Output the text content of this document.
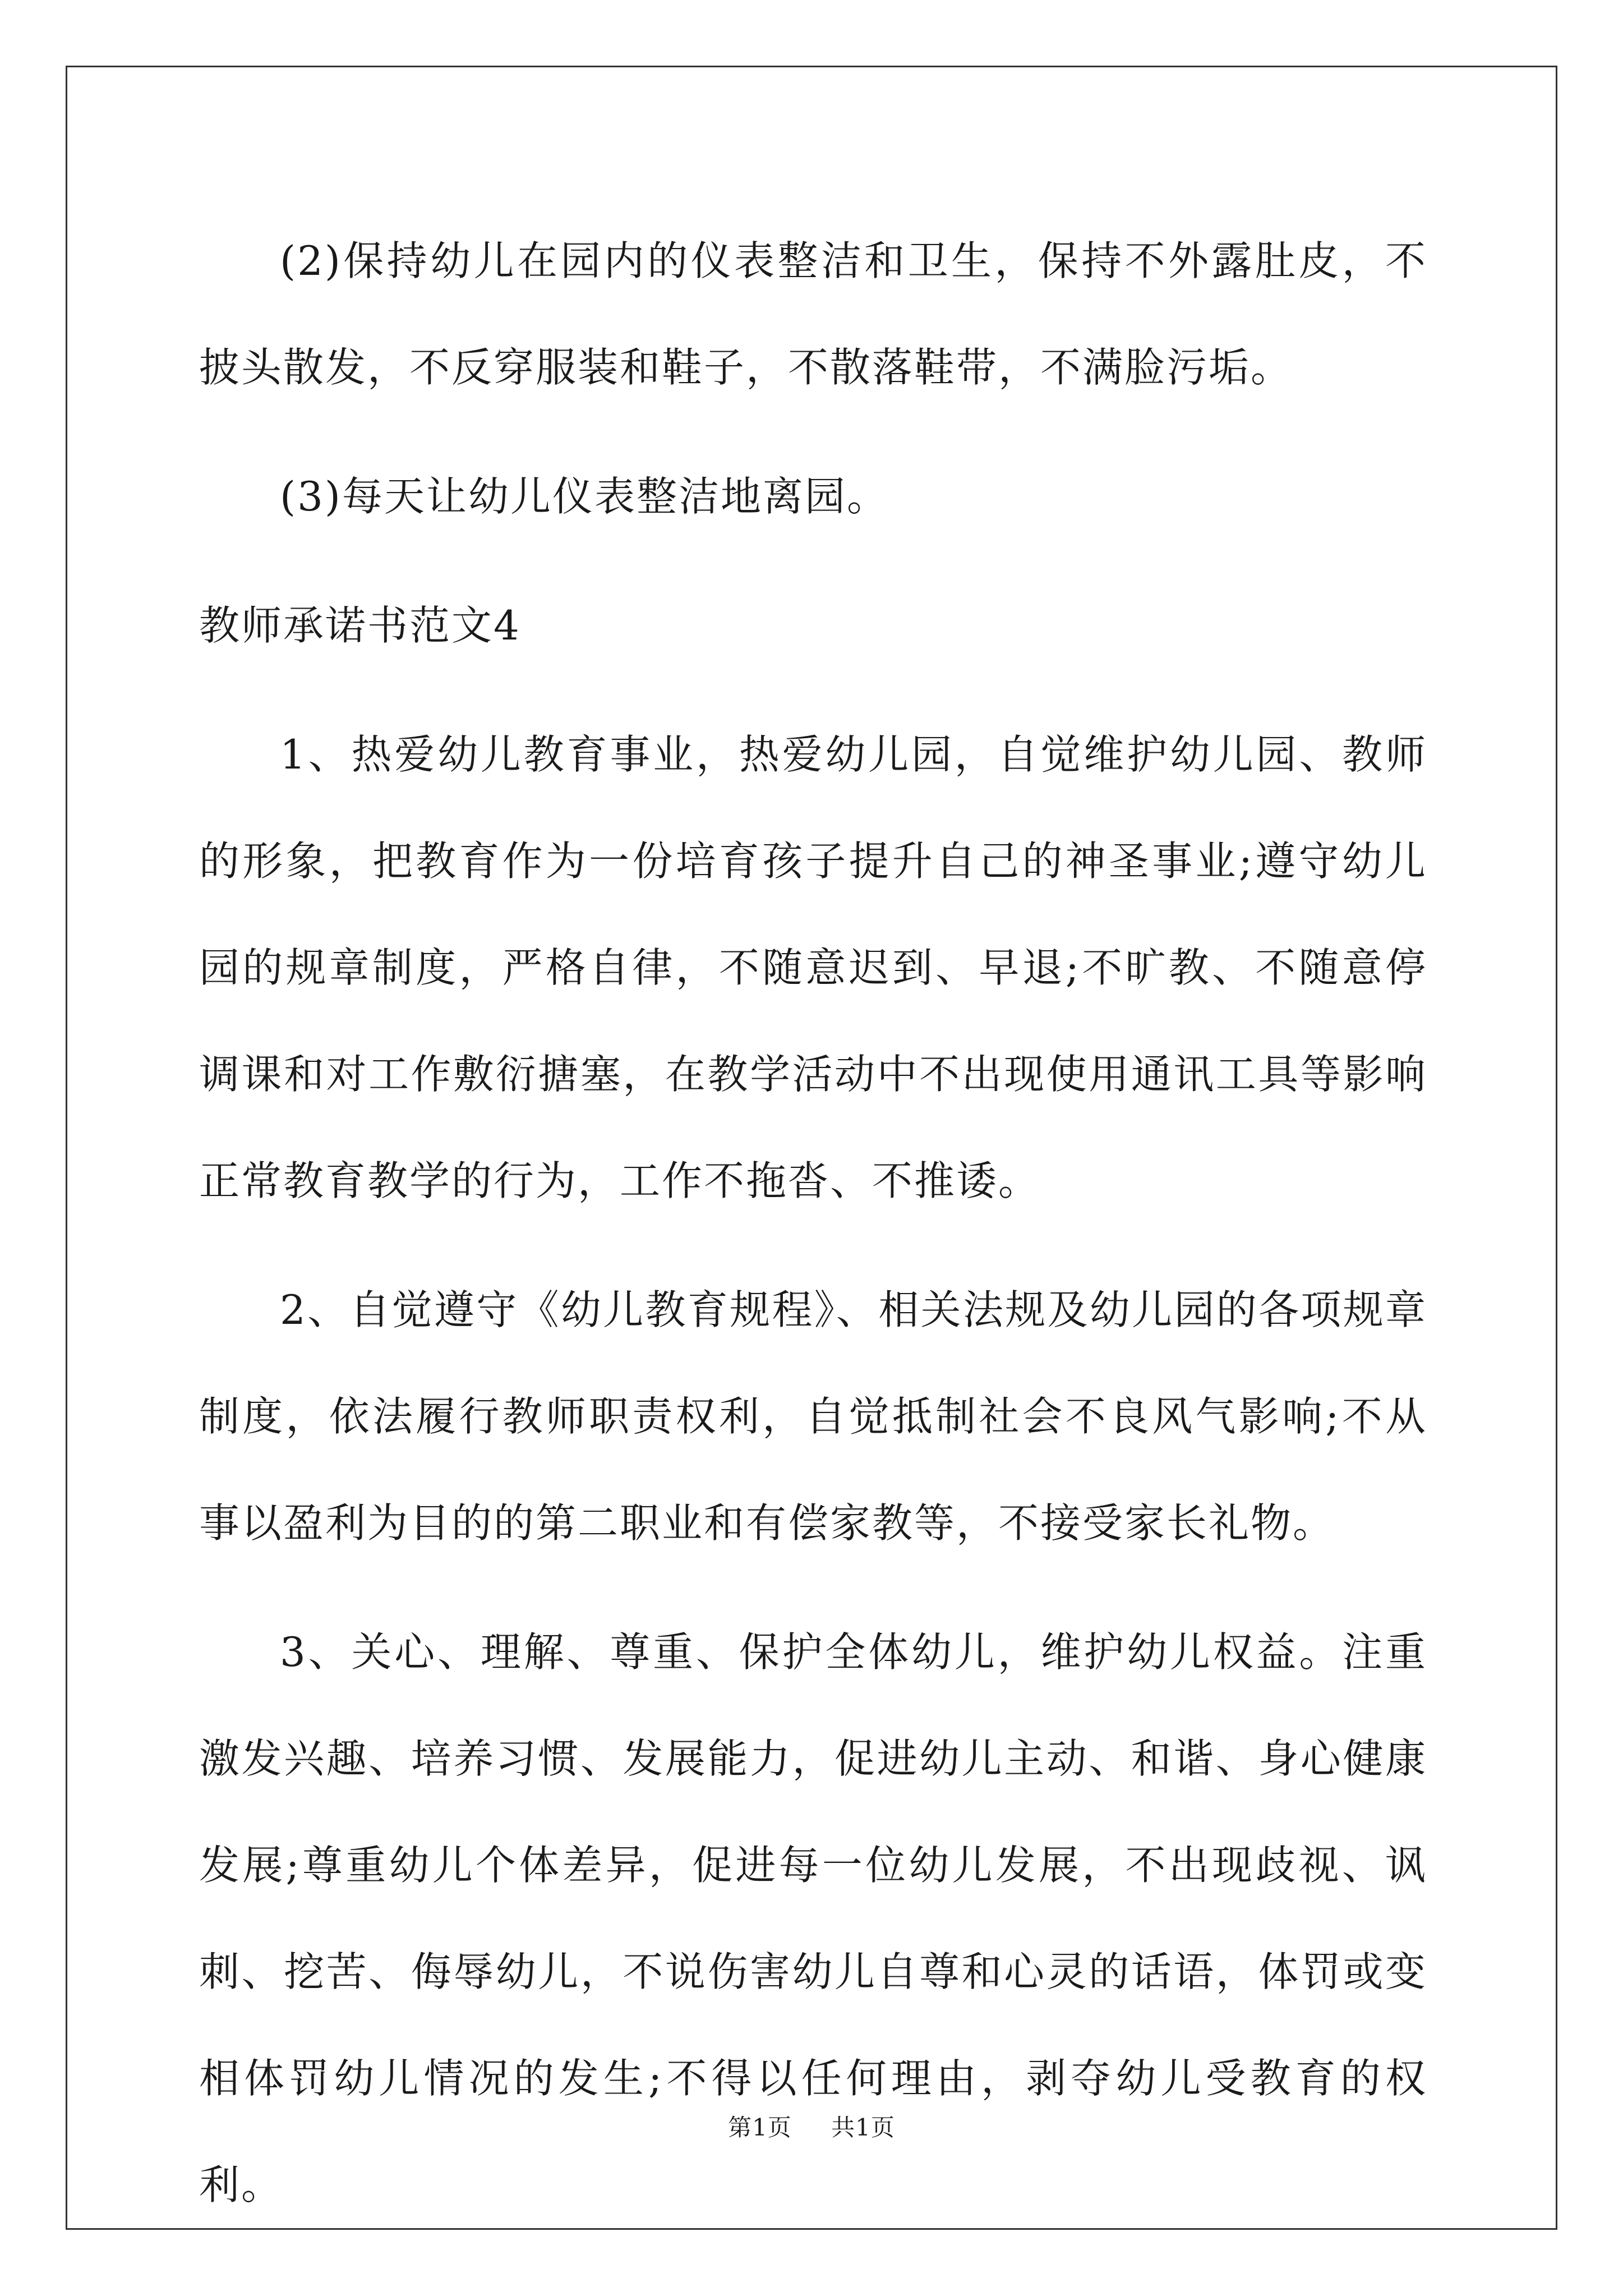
(2)保持幼儿在园内的仪表整洁和卫生，保持不外露肚皮，不披头散发，不反穿服装和鞋子，不散落鞋带，不满脸污垢。

(3)每天让幼儿仪表整洁地离园。

教师承诺书范文4

1、热爱幼儿教育事业，热爱幼儿园，自觉维护幼儿园、教师的形象，把教育作为一份培育孩子提升自己的神圣事业;遵守幼儿园的规章制度，严格自律，不随意迟到、早退;不旷教、不随意停调课和对工作敷衍搪塞，在教学活动中不出现使用通讯工具等影响正常教育教学的行为，工作不拖沓、不推诿。

2、自觉遵守《幼儿教育规程》、相关法规及幼儿园的各项规章制度，依法履行教师职责权利，自觉抵制社会不良风气影响;不从事以盈利为目的的第二职业和有偿家教等，不接受家长礼物。

3、关心、理解、尊重、保护全体幼儿，维护幼儿权益。注重激发兴趣、培养习惯、发展能力，促进幼儿主动、和谐、身心健康发展;尊重幼儿个体差异，促进每一位幼儿发展，不出现歧视、讽刺、挖苦、侮辱幼儿，不说伤害幼儿自尊和心灵的话语，体罚或变相体罚幼儿情况的发生;不得以任何理由，剥夺幼儿受教育的权利。

第1页 共1页
